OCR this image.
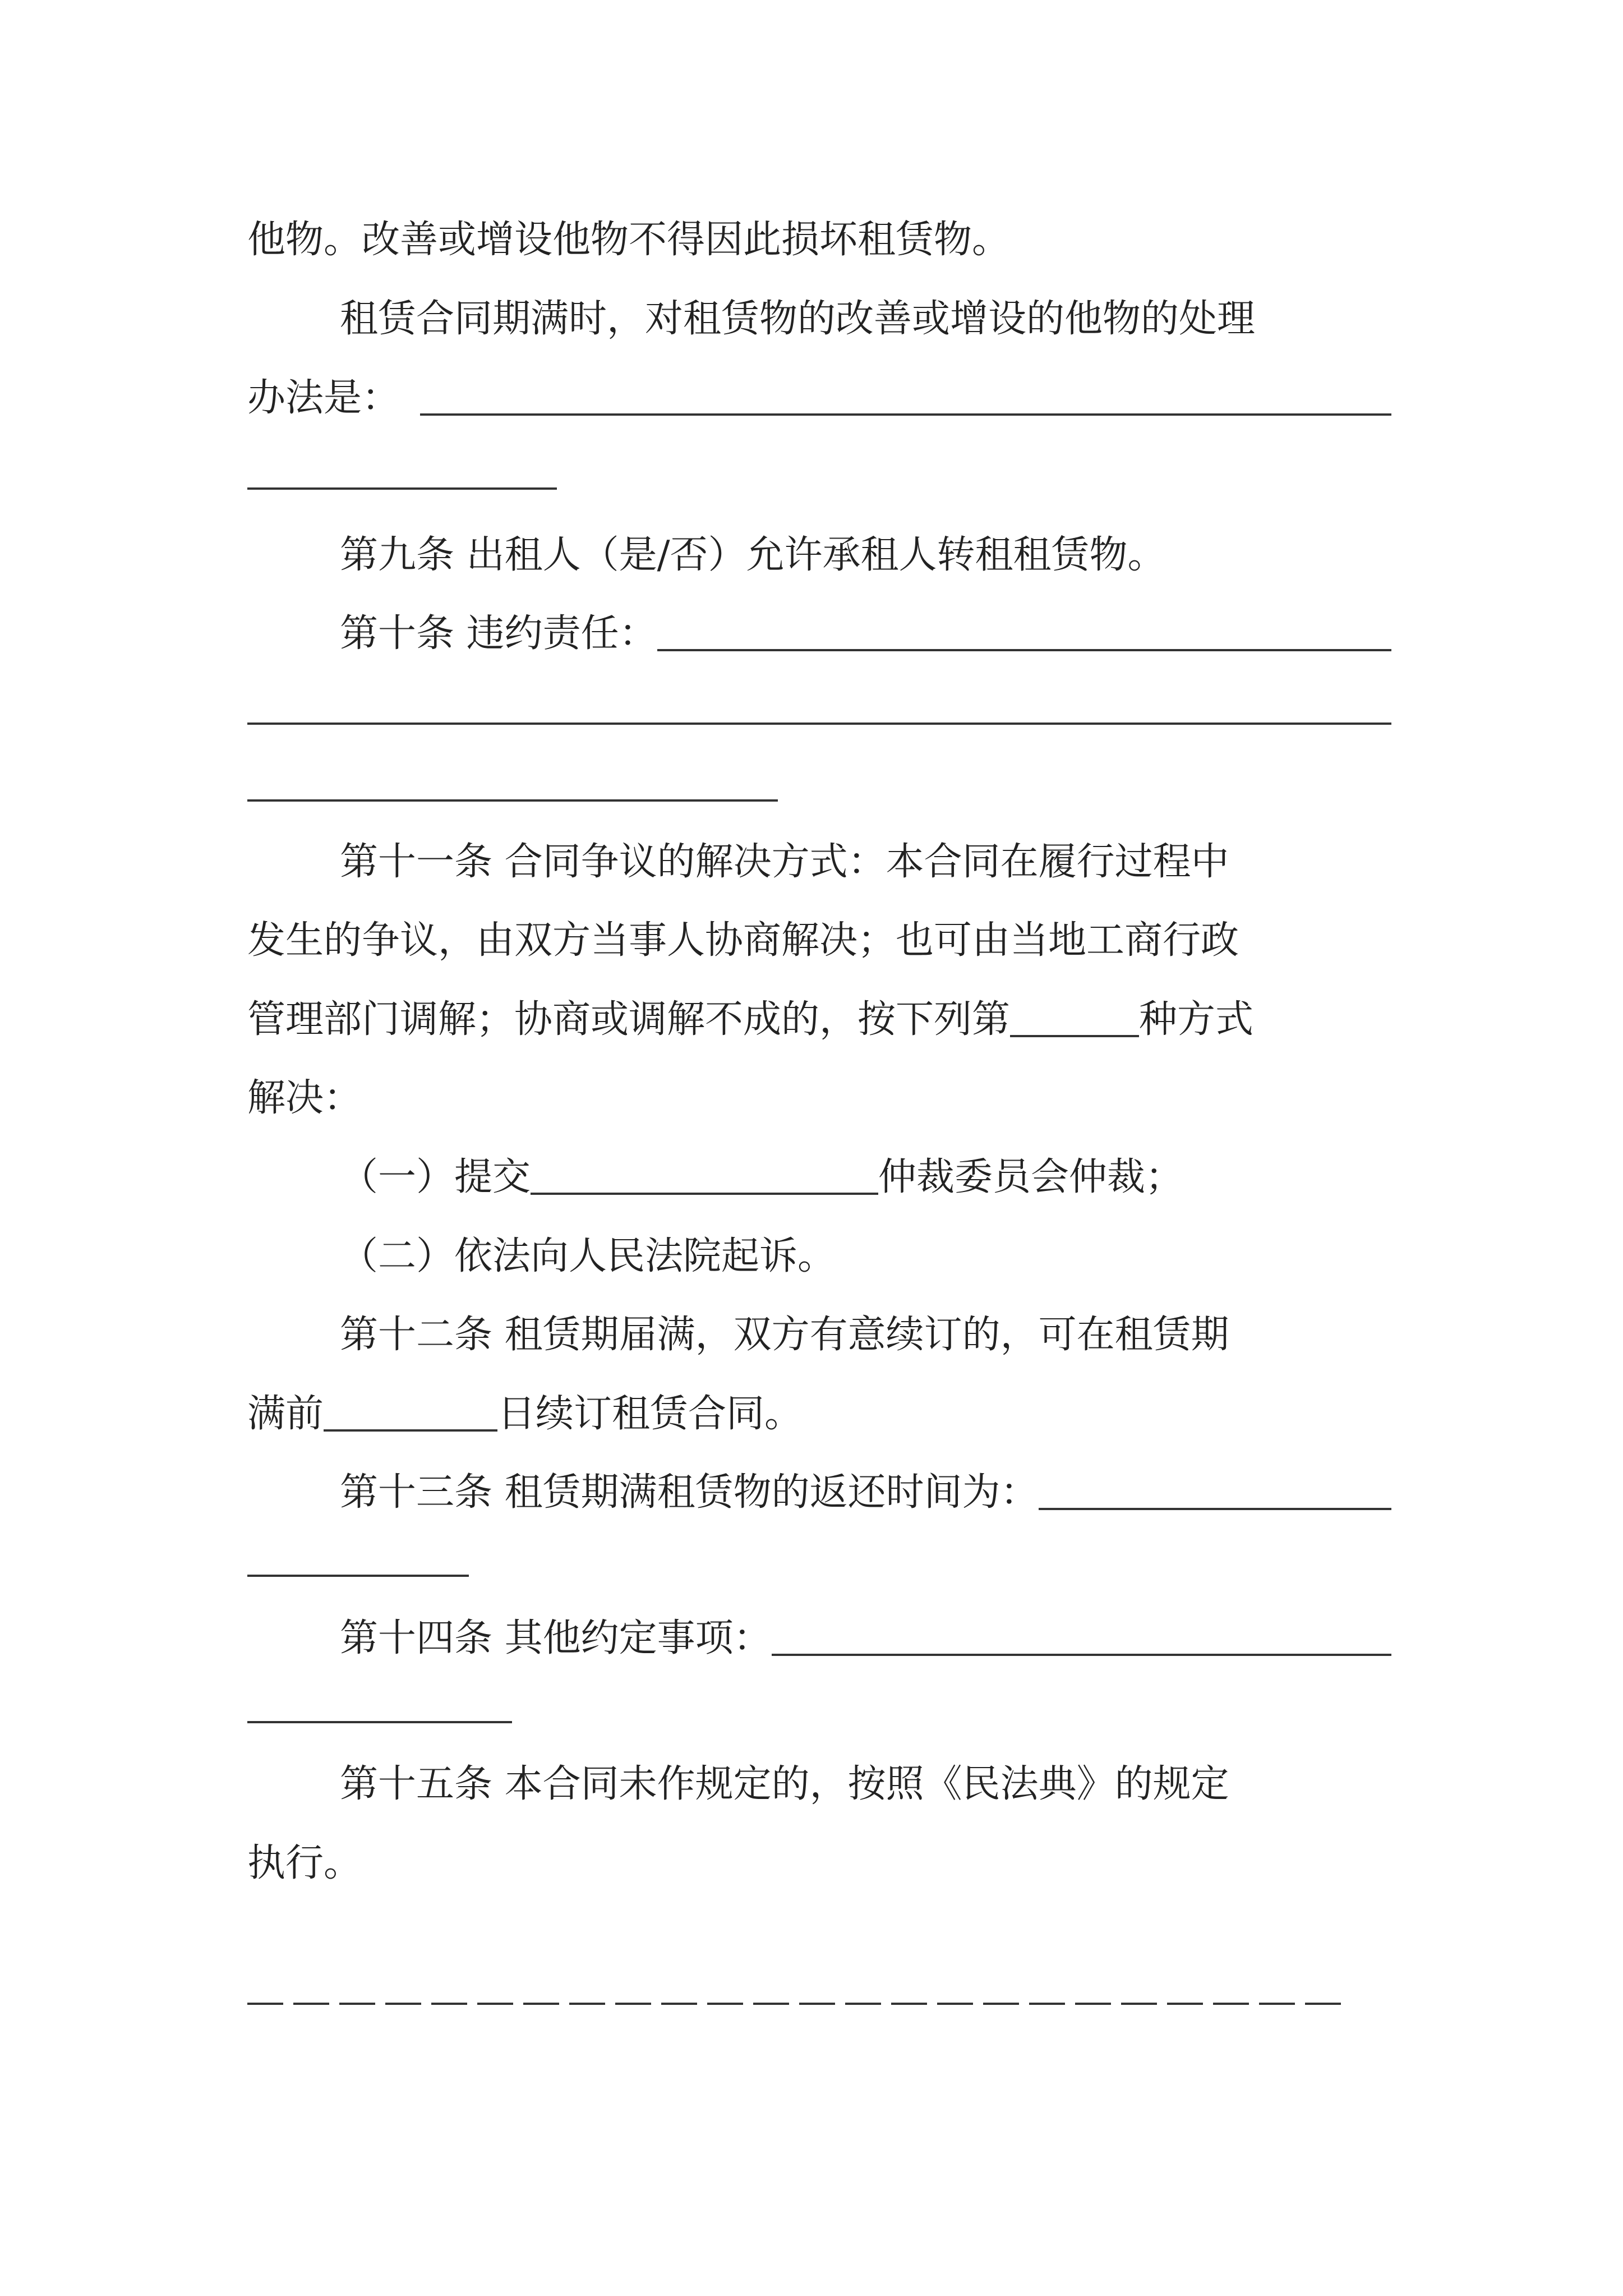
他物。改善或增设他物不得因此损坏租赁物。
租赁合同期满时，对租赁物的改善或增设的他物的处理
办法是：
第九条 出租人（是/否）允许承租人转租租赁物。
第十条 违约责任：
第十一条 合同争议的解决方式：本合同在履行过程中
发生的争议，由双方当事人协商解决；也可由当地工商行政
管理部门调解；协商或调解不成的，按下列第	种方式
解决：
（一）提交	仲裁委员会仲裁；
（二）依法向人民法院起诉。
第十二条 租赁期届满，双方有意续订的，可在租赁期
满前	日续订租赁合同。
第十三条 租赁期满租赁物的返还时间为：
第十四条 其他约定事项：
第十五条 本合同未作规定的，按照《民法典》的规定
执行。
